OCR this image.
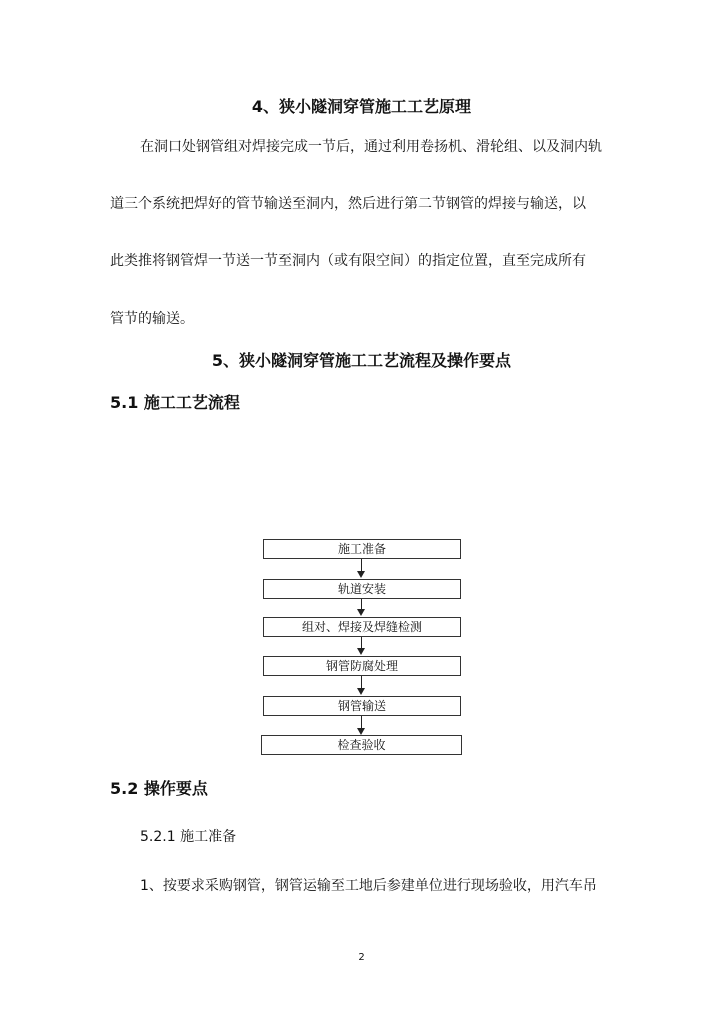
4、狭小隧洞穿管施工工艺原理
在洞口处钢管组对焊接完成一节后，通过利用卷扬机、滑轮组、以及洞内轨
道三个系统把焊好的管节输送至洞内，然后进行第二节钢管的焊接与输送，以
此类推将钢管焊一节送一节至洞内（或有限空间）的指定位置，直至完成所有
管节的输送。
5、狭小隧洞穿管施工工艺流程及操作要点
5.1 施工工艺流程
施工准备
轨道安装
组对、焊接及焊缝检测
钢管防腐处理
钢管输送
检查验收
5.2 操作要点
5.2.1 施工准备
1、按要求采购钢管，钢管运输至工地后参建单位进行现场验收，用汽车吊
2
